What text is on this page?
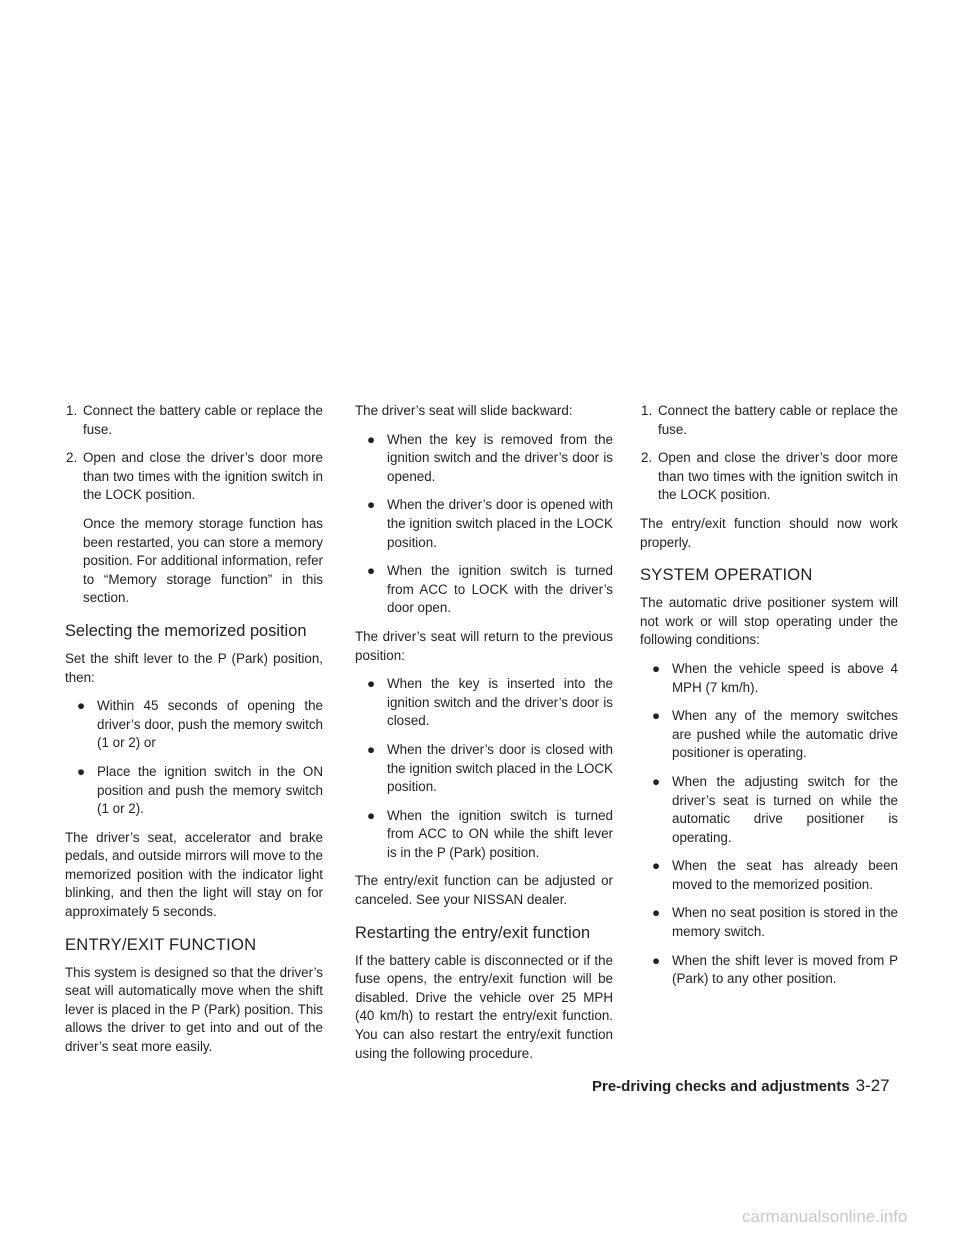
1. Connect the battery cable or replace the fuse.
2. Open and close the driver’s door more than two times with the ignition switch in the LOCK position.

Once the memory storage function has been restarted, you can store a memory position. For additional information, refer to “Memory storage function” in this section.

Selecting the memorized position

Set the shift lever to the P (Park) position, then:

● Within 45 seconds of opening the driver’s door, push the memory switch (1 or 2) or
● Place the ignition switch in the ON position and push the memory switch (1 or 2).

The driver’s seat, accelerator and brake pedals, and outside mirrors will move to the memorized position with the indicator light blinking, and then the light will stay on for approximately 5 seconds.

ENTRY/EXIT FUNCTION

This system is designed so that the driver’s seat will automatically move when the shift lever is placed in the P (Park) position. This allows the driver to get into and out of the driver’s seat more easily.

The driver’s seat will slide backward:

● When the key is removed from the ignition switch and the driver’s door is opened.
● When the driver’s door is opened with the ignition switch placed in the LOCK position.
● When the ignition switch is turned from ACC to LOCK with the driver’s door open.

The driver’s seat will return to the previous position:

● When the key is inserted into the ignition switch and the driver’s door is closed.
● When the driver’s door is closed with the ignition switch placed in the LOCK position.
● When the ignition switch is turned from ACC to ON while the shift lever is in the P (Park) position.

The entry/exit function can be adjusted or canceled. See your NISSAN dealer.

Restarting the entry/exit function

If the battery cable is disconnected or if the fuse opens, the entry/exit function will be disabled. Drive the vehicle over 25 MPH (40 km/h) to restart the entry/exit function. You can also restart the entry/exit function using the following procedure.

1. Connect the battery cable or replace the fuse.
2. Open and close the driver’s door more than two times with the ignition switch in the LOCK position.

The entry/exit function should now work properly.

SYSTEM OPERATION

The automatic drive positioner system will not work or will stop operating under the following conditions:

● When the vehicle speed is above 4 MPH (7 km/h).
● When any of the memory switches are pushed while the automatic drive positioner is operating.
● When the adjusting switch for the driver’s seat is turned on while the automatic drive positioner is operating.
● When the seat has already been moved to the memorized position.
● When no seat position is stored in the memory switch.
● When the shift lever is moved from P (Park) to any other position.
Pre-driving checks and adjustments 3-27
carmanualsonline.info
